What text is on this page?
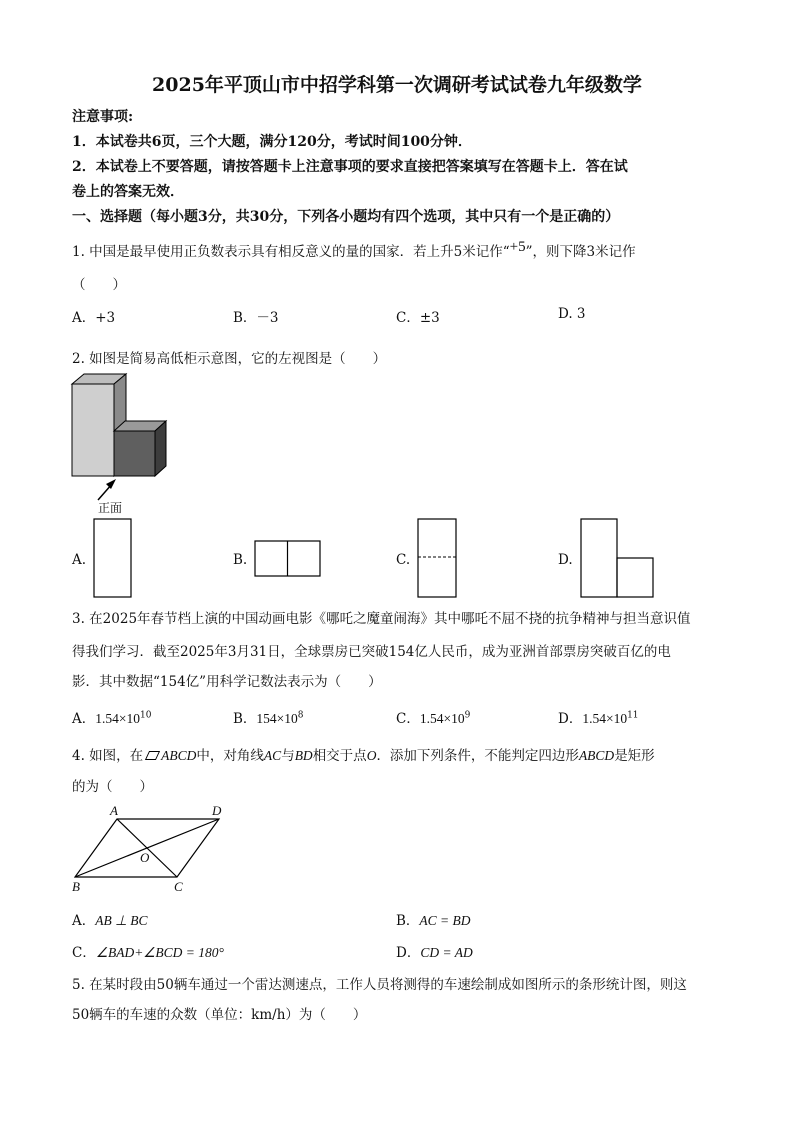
2025年平顶山市中招学科第一次调研考试试卷九年级数学
注意事项:
1．本试卷共6页，三个大题，满分120分，考试时间100分钟．
2．本试卷上不要答题，请按答题卡上注意事项的要求直接把答案填写在答题卡上．答在试
卷上的答案无效．
一、选择题（每小题3分，共30分，下列各小题均有四个选项，其中只有一个是正确的）
1. 中国是最早使用正负数表示具有相反意义的量的国家．若上升5米记作“+5”，则下降3米记作
（　　）
A．+3	B．－3	C．±3	D. 3
2. 如图是简易高低柜示意图，它的左视图是（　　）
正面
A.	B.	C.	D.
3. 在2025年春节档上演的中国动画电影《哪吒之魔童闹海》其中哪吒不屈不挠的抗争精神与担当意识值
得我们学习．截至2025年3月31日，全球票房已突破154亿人民币，成为亚洲首部票房突破百亿的电
影．其中数据“154亿”用科学记数法表示为（　　）
A．$1.54\times 10^{10}$	B．$154\times 10^8$	C．$1.54\times 10^9$	D．$1.54\times 10^{11}$
4. 如图，在 ABCD中，对角线AC与BD相交于点O．添加下列条件，不能判定四边形ABCD是矩形
的为（　　）
A	D
O
B	C
A．AB ⊥ BC	B．AC = BD
C．∠BAD+∠BCD = 180°	D．CD = AD
5. 在某时段由50辆车通过一个雷达测速点，工作人员将测得的车速绘制成如图所示的条形统计图，则这
50辆车的车速的众数（单位：km/h）为（　　）
